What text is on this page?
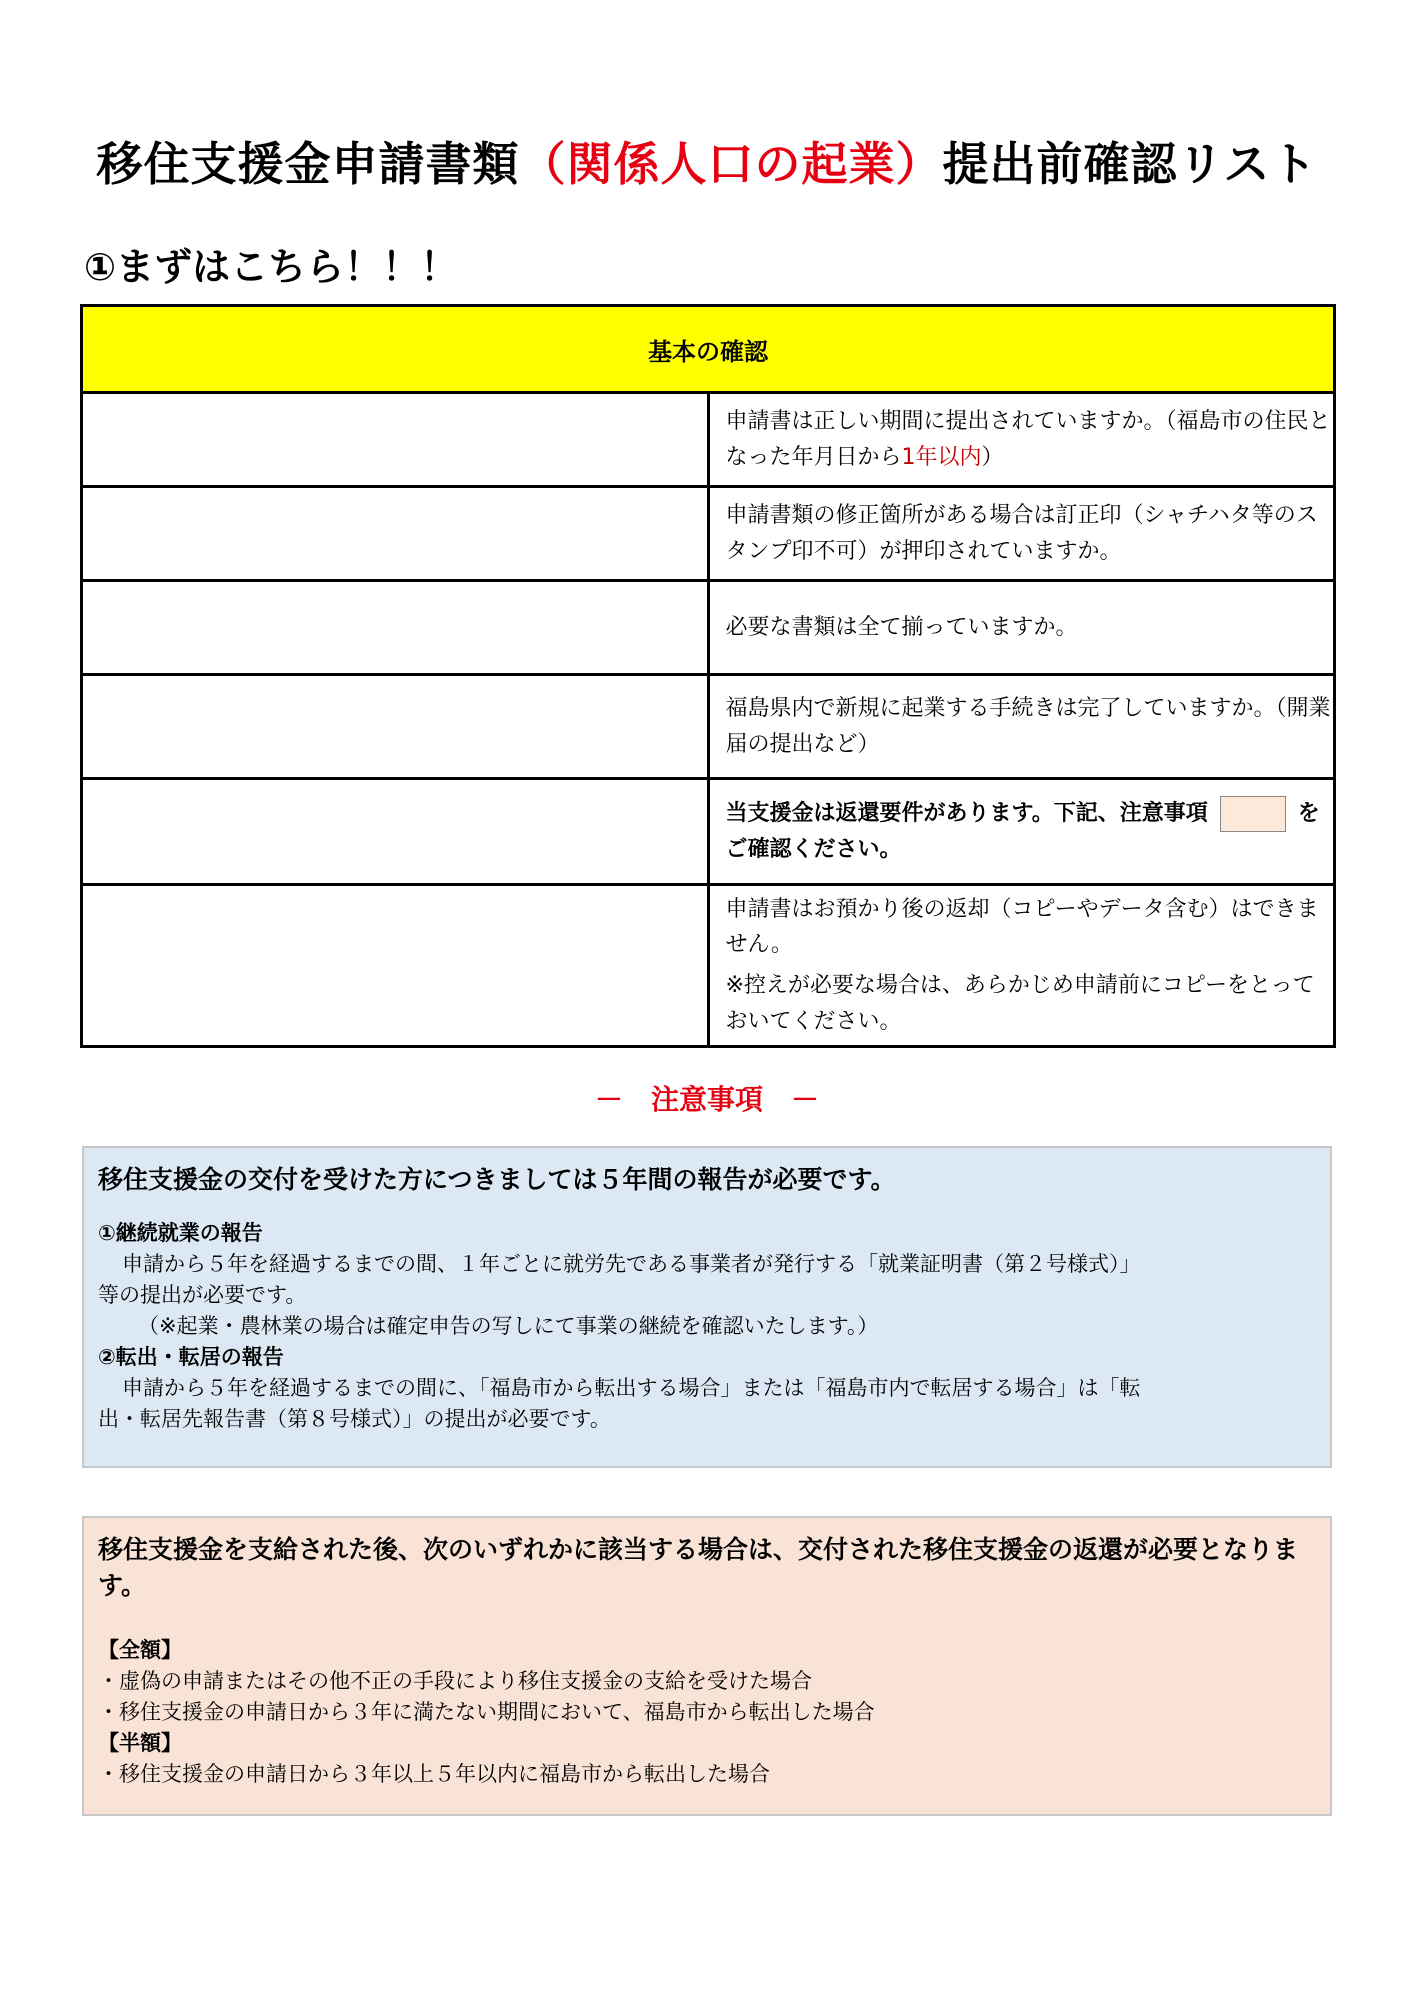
移住支援金申請書類（関係人口の起業）提出前確認リスト
①まずはこちら！！！
基本の確認	
	申請書は正しい期間に提出されていますか。（福島市の住民となった年月日から1年以内）
	申請書類の修正箇所がある場合は訂正印（シャチハタ等のスタンプ印不可）が押印されていますか。
	必要な書類は全て揃っていますか。
	福島県内で新規に起業する手続きは完了していますか。（開業届の提出など）
	当支援金は返還要件があります。下記、注意事項 をご確認ください。

	申請書はお預かり後の返却（コピーやデータ含む）はできません。

※控えが必要な場合は、あらかじめ申請前にコピーをとっておいてください。

－　注意事項　－

移住支援金の交付を受けた方につきましては５年間の報告が必要です。

①継続就業の報告

申請から５年を経過するまでの間、１年ごとに就労先である事業者が発行する「就業証明書（第２号様式）」

等の提出が必要です。

（※起業・農林業の場合は確定申告の写しにて事業の継続を確認いたします。）

②転出・転居の報告

申請から５年を経過するまでの間に、「福島市から転出する場合」または「福島市内で転居する場合」は「転

出・転居先報告書（第８号様式）」の提出が必要です。

移住支援金を支給された後、次のいずれかに該当する場合は、交付された移住支援金の返還が必要となります。

【全額】

・虚偽の申請またはその他不正の手段により移住支援金の支給を受けた場合

・移住支援金の申請日から３年に満たない期間において、福島市から転出した場合

【半額】

・移住支援金の申請日から３年以上５年以内に福島市から転出した場合
